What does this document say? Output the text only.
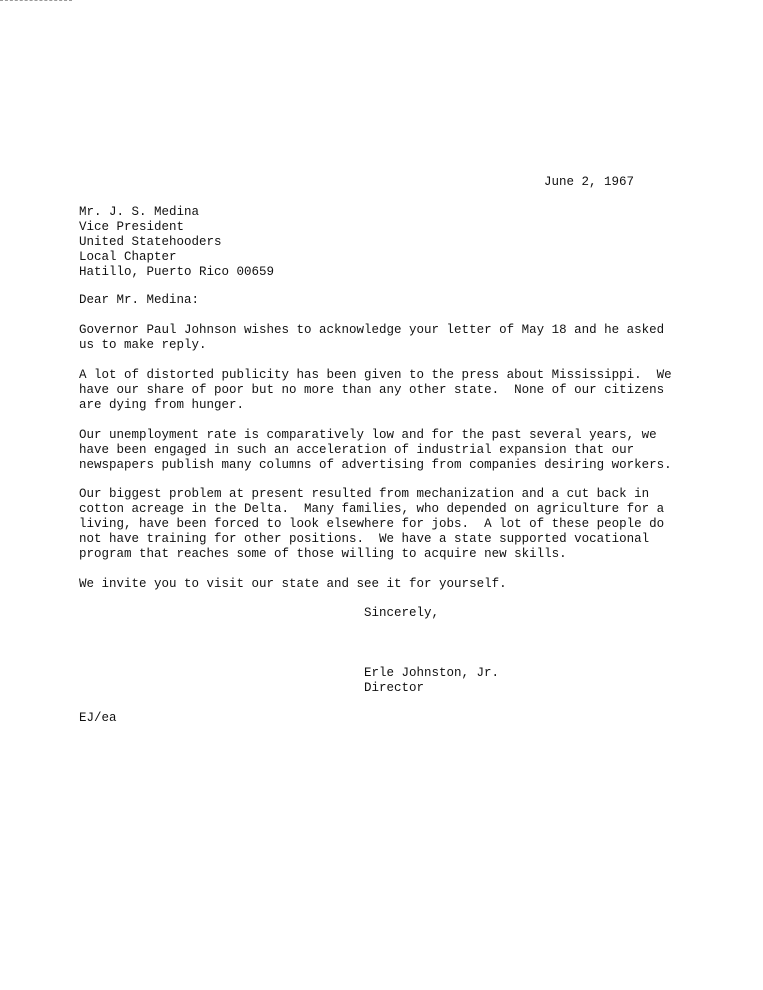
June 2, 1967
Mr. J. S. Medina
Vice President
United Statehooders
Local Chapter
Hatillo, Puerto Rico 00659
Dear Mr. Medina:
Governor Paul Johnson wishes to acknowledge your letter of May 18 and he asked
us to make reply.
A lot of distorted publicity has been given to the press about Mississippi.  We
have our share of poor but no more than any other state.  None of our citizens
are dying from hunger.
Our unemployment rate is comparatively low and for the past several years, we
have been engaged in such an acceleration of industrial expansion that our
newspapers publish many columns of advertising from companies desiring workers.
Our biggest problem at present resulted from mechanization and a cut back in
cotton acreage in the Delta.  Many families, who depended on agriculture for a
living, have been forced to look elsewhere for jobs.  A lot of these people do
not have training for other positions.  We have a state supported vocational
program that reaches some of those willing to acquire new skills.
We invite you to visit our state and see it for yourself.
Sincerely,
Erle Johnston, Jr.
Director
EJ/ea
